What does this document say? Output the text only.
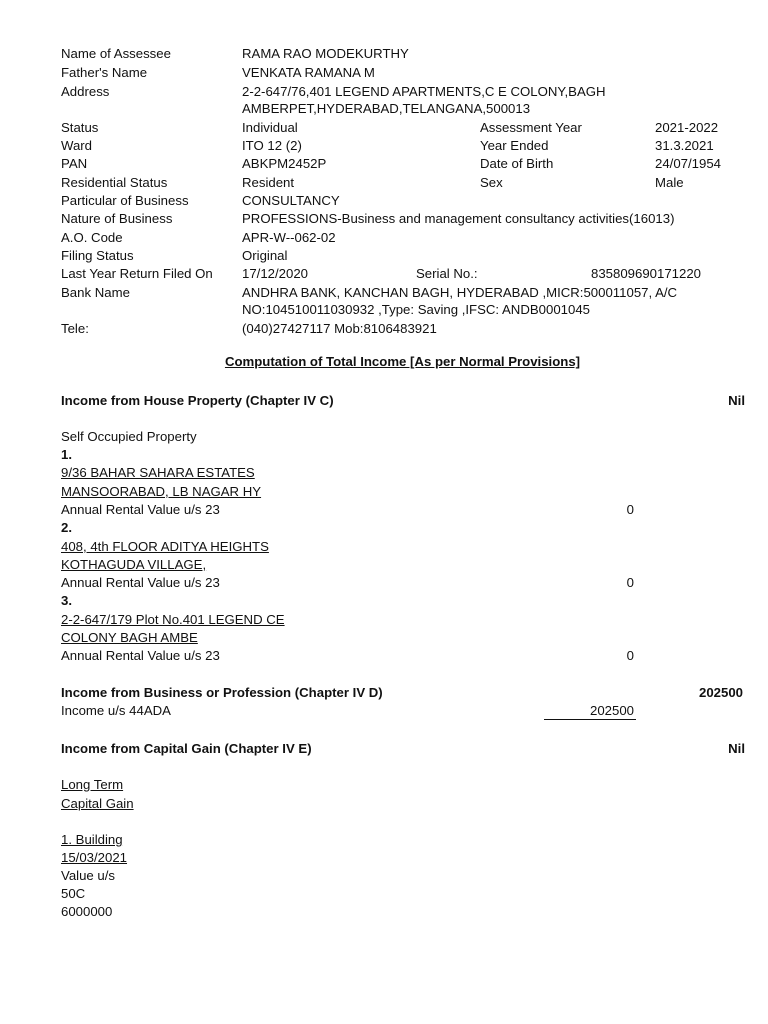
Name of Assessee	RAMA RAO MODEKURTHY
Father's Name	VENKATA RAMANA M
Address	2-2-647/76,401 LEGEND APARTMENTS,C E COLONY,BAGH
AMBERPET,HYDERABAD,TELANGANA,500013
Status	Individual	Assessment Year	2021-2022
Ward	ITO 12 (2)	Year Ended	31.3.2021
PAN	ABKPM2452P	Date of Birth	24/07/1954
Residential Status	Resident	Sex	Male
Particular of Business	CONSULTANCY
Nature of Business	PROFESSIONS-Business and management consultancy activities(16013)
A.O. Code	APR-W--062-02
Filing Status	Original
Last Year Return Filed On 17/12/2020	Serial No.:	835809690171220
Bank Name	ANDHRA BANK, KANCHAN BAGH, HYDERABAD ,MICR:500011057, A/C
NO:104510011030932 ,Type: Saving ,IFSC: ANDB0001045
Tele:	(040)27427117 Mob:8106483921
Computation of Total Income [As per Normal Provisions]
Income from House Property (Chapter IV C)	Nil
Self Occupied Property
1.
9/36 BAHAR SAHARA ESTATES
MANSOORABAD, LB NAGAR HY
Annual Rental Value u/s 23	0
2.
408, 4th FLOOR ADITYA HEIGHTS
KOTHAGUDA VILLAGE,
Annual Rental Value u/s 23	0
3.
2-2-647/179 Plot No.401 LEGEND CE
COLONY BAGH AMBE
Annual Rental Value u/s 23	0
Income from Business or Profession (Chapter IV D)	202500
Income u/s 44ADA	202500
Income from Capital Gain (Chapter IV E)	Nil
Long Term
Capital Gain
1. Building
15/03/2021
Value u/s
50C
6000000
